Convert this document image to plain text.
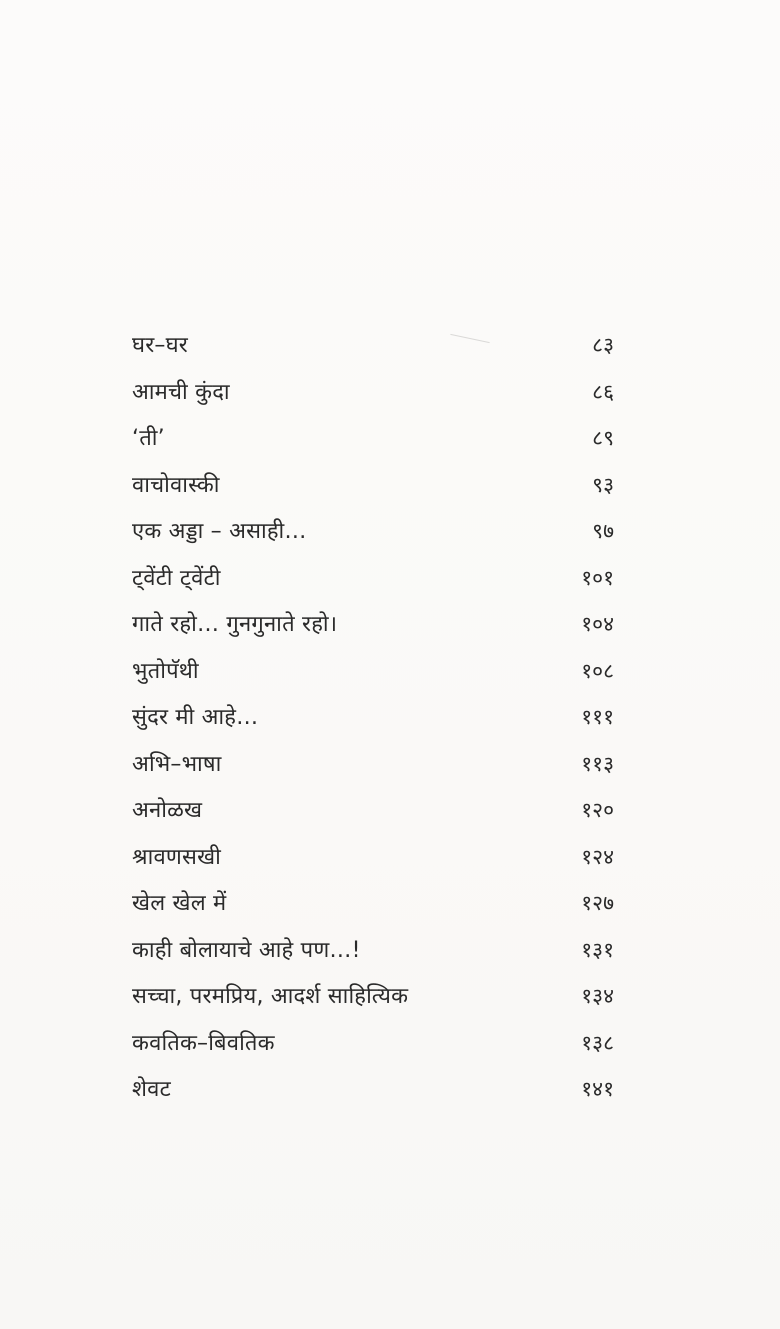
घर–घर	८३
आमची कुंदा	८६
‘ती’	८९
वाचोवास्की	९३
एक अड्डा – असाही…	९७
ट्वेंटी ट्वेंटी	१०१
गाते रहो… गुनगुनाते रहो।	१०४
भुतोपॅथी	१०८
सुंदर मी आहे…	१११
अभि–भाषा	११३
अनोळख	१२०
श्रावणसखी	१२४
खेल खेल में	१२७
काही बोलायाचे आहे पण…!	१३१
सच्चा, परमप्रिय, आदर्श साहित्यिक	१३४
कवतिक–बिवतिक	१३८
शेवट	१४१
